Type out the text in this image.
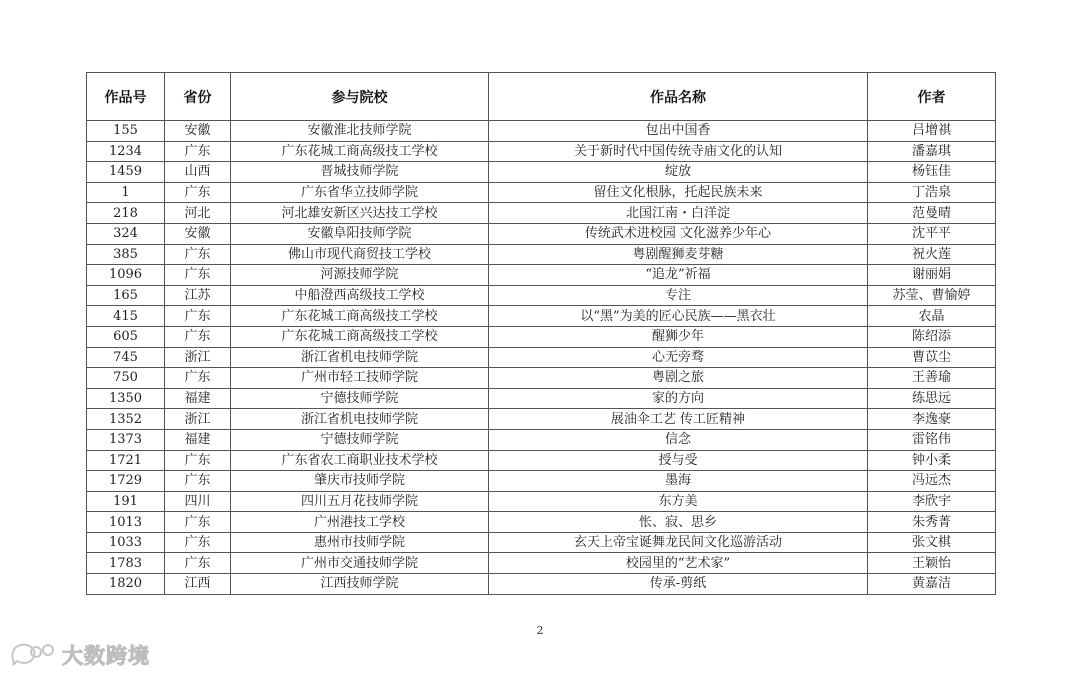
作品号	省份	参与院校	作品名称	作者
155	安徽	安徽淮北技师学院	包出中国香	吕增祺
1234	广东	广东花城工商高级技工学校	关于新时代中国传统寺庙文化的认知	潘嘉琪
1459	山西	晋城技师学院	绽放	杨钰佳
1	广东	广东省华立技师学院	留住文化根脉，托起民族未来	丁浩泉
218	河北	河北雄安新区兴达技工学校	北国江南・白洋淀	范曼晴
324	安徽	安徽阜阳技师学院	传统武术进校园 文化滋养少年心	沈平平
385	广东	佛山市现代商贸技工学校	粤剧醒狮麦芽糖	祝火莲
1096	广东	河源技师学院	“追龙”祈福	谢丽娟
165	江苏	中船澄西高级技工学校	专注	苏莹、曹愉婷
415	广东	广东花城工商高级技工学校	以“黑”为美的匠心民族——黑衣壮	农晶
605	广东	广东花城工商高级技工学校	醒狮少年	陈绍添
745	浙江	浙江省机电技师学院	心无旁骛	曹苡尘
750	广东	广州市轻工技师学院	粤剧之旅	王善瑜
1350	福建	宁德技师学院	家的方向	练思远
1352	浙江	浙江省机电技师学院	展油伞工艺 传工匠精神	李逸豪
1373	福建	宁德技师学院	信念	雷铭伟
1721	广东	广东省农工商职业技术学校	授与受	钟小柔
1729	广东	肇庆市技师学院	墨海	冯远杰
191	四川	四川五月花技师学院	东方美	李欣宇
1013	广东	广州港技工学校	怅、寂、思乡	朱秀菁
1033	广东	惠州市技师学院	玄天上帝宝诞舞龙民间文化巡游活动	张文棋
1783	广东	广州市交通技师学院	校园里的“艺术家”	王颖怡
1820	江西	江西技师学院	传承-剪纸	黄嘉洁
2
大数跨境
